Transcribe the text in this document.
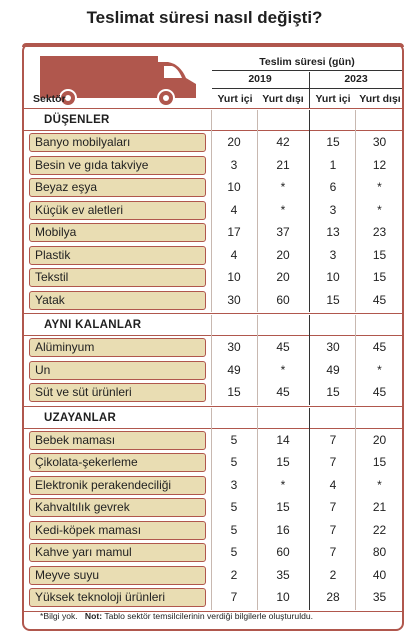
Teslimat süresi nasıl değişti?
Teslim süresi (gün)
2019	2023
Sektör	Yurt içi Yurt dışı	Yurt içi Yurt dışı
DÜŞENLER
Banyo mobilyaları	20	42	15	30
Besin ve gıda takviye	3	21	1	12
Beyaz eşya	10	*	6	*
Küçük ev aletleri	4	*	3	*
Mobilya	17	37	13	23
Plastik	4	20	3	15
Tekstil	10	20	10	15
Yatak	30	60	15	45
AYNI KALANLAR
Alüminyum	30	45	30	45
Un	49	*	49	*
Süt ve süt ürünleri	15	45	15	45
UZAYANLAR
Bebek maması	5	14	7	20
Çikolata-şekerleme	5	15	7	15
Elektronik perakendeciliği	3	*	4	*
Kahvaltılık gevrek	5	15	7	21
Kedi-köpek maması	5	16	7	22
Kahve yarı mamul	5	60	7	80
Meyve suyu	2	35	2	40
Yüksek teknoloji ürünleri	7	10	28	35
*Bilgi yok. Not: Tablo sektör temsilcilerinin verdiği bilgilerle oluşturuldu.
